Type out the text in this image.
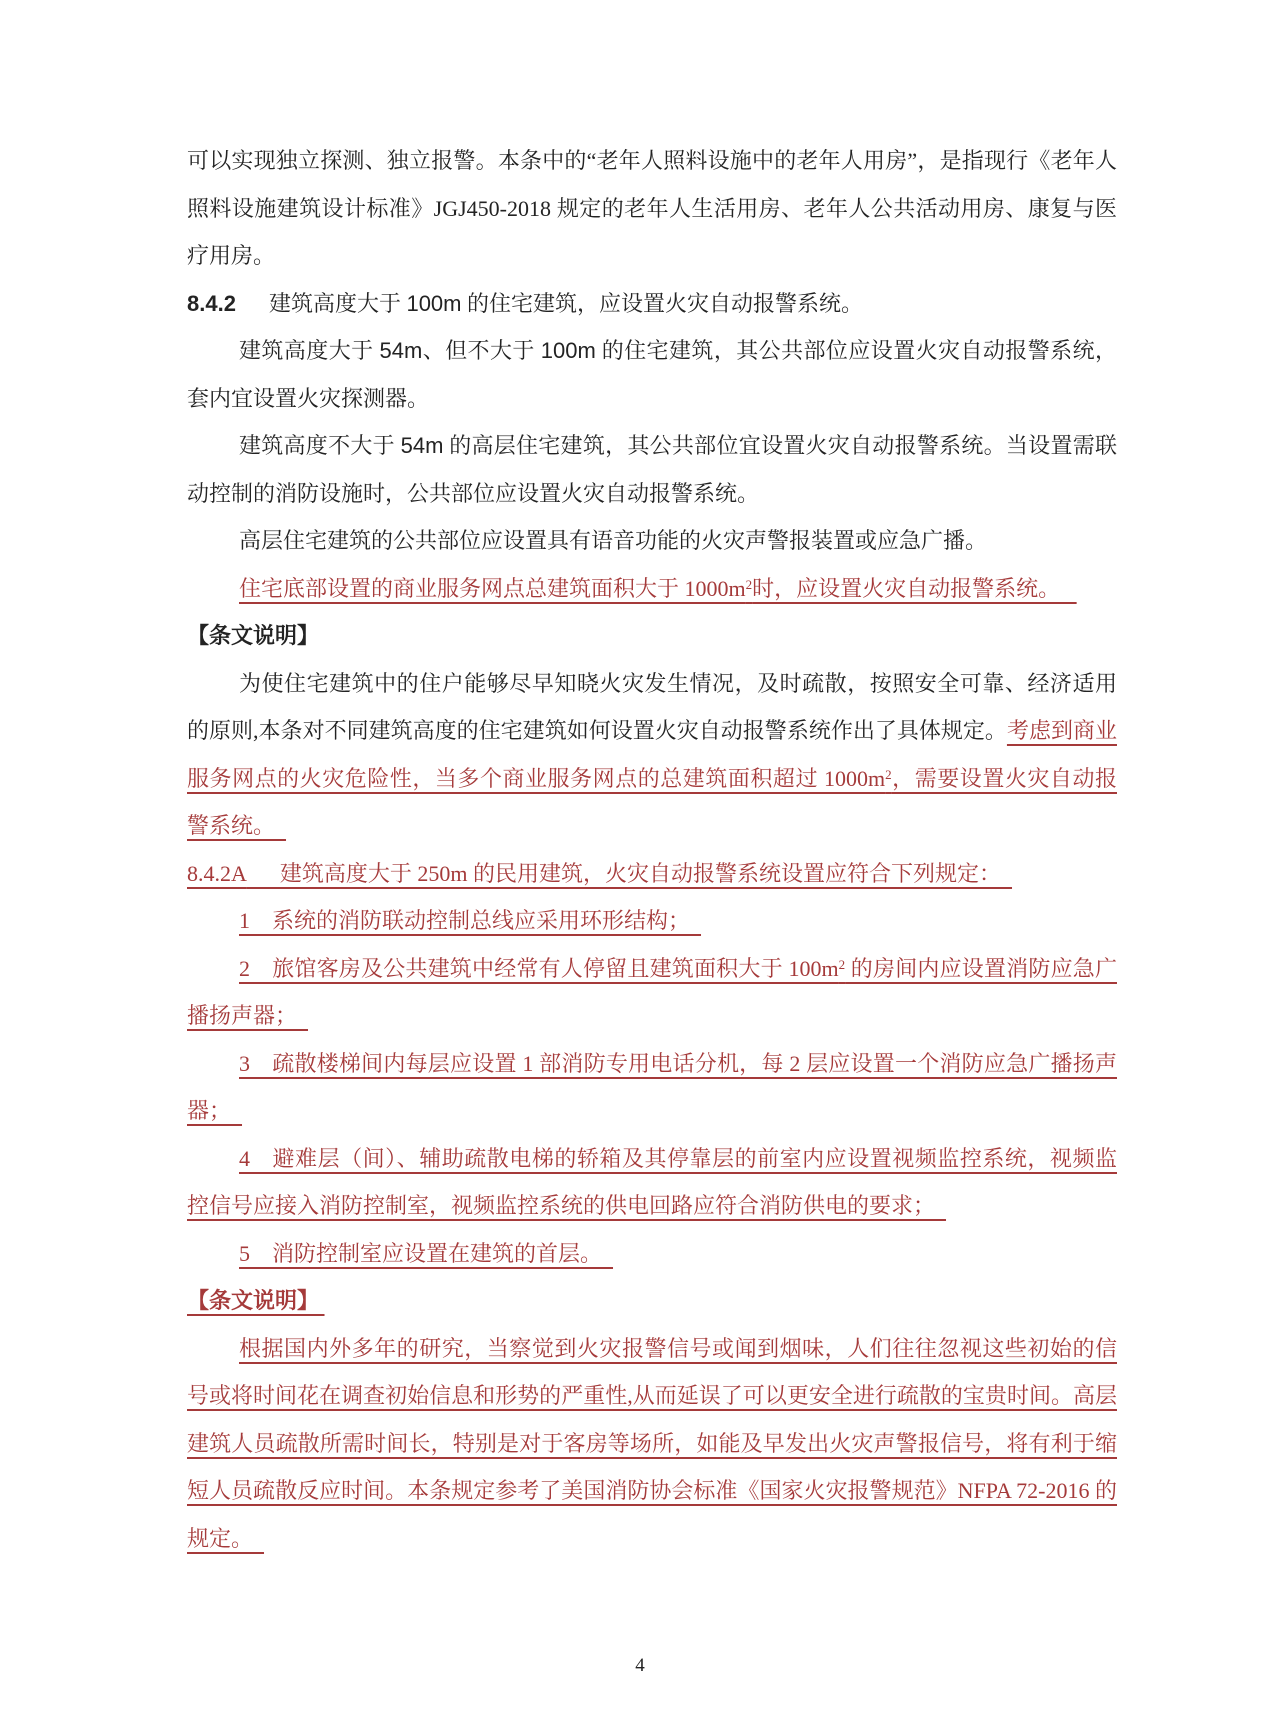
可以实现独立探测、独立报警。本条中的“老年人照料设施中的老年人用房”，是指现行《老年人照料设施建筑设计标准》JGJ450-2018 规定的老年人生活用房、老年人公共活动用房、康复与医疗用房。

8.4.2  建筑高度大于 100m 的住宅建筑，应设置火灾自动报警系统。

建筑高度大于 54m、但不大于 100m 的住宅建筑，其公共部位应设置火灾自动报警系统，套内宜设置火灾探测器。

建筑高度不大于 54m 的高层住宅建筑，其公共部位宜设置火灾自动报警系统。当设置需联动控制的消防设施时，公共部位应设置火灾自动报警系统。

高层住宅建筑的公共部位应设置具有语音功能的火灾声警报装置或应急广播。

住宅底部设置的商业服务网点总建筑面积大于 $1000m^2$时，应设置火灾自动报警系统。

【条文说明】

为使住宅建筑中的住户能够尽早知晓火灾发生情况，及时疏散，按照安全可靠、经济适用的原则,本条对不同建筑高度的住宅建筑如何设置火灾自动报警系统作出了具体规定。考虑到商业服务网点的火灾危险性，当多个商业服务网点的总建筑面积超过 $1000m^2$，需要设置火灾自动报警系统。

8.4.2A  建筑高度大于 250m 的民用建筑，火灾自动报警系统设置应符合下列规定：

1 系统的消防联动控制总线应采用环形结构；

2 旅馆客房及公共建筑中经常有人停留且建筑面积大于 $100m^2$ 的房间内应设置消防应急广播扬声器；

3 疏散楼梯间内每层应设置 1 部消防专用电话分机，每 2 层应设置一个消防应急广播扬声器；

4 避难层（间）、辅助疏散电梯的轿箱及其停靠层的前室内应设置视频监控系统，视频监控信号应接入消防控制室，视频监控系统的供电回路应符合消防供电的要求；

5 消防控制室应设置在建筑的首层。

【条文说明】

根据国内外多年的研究，当察觉到火灾报警信号或闻到烟味，人们往往忽视这些初始的信号或将时间花在调查初始信息和形势的严重性,从而延误了可以更安全进行疏散的宝贵时间。高层建筑人员疏散所需时间长，特别是对于客房等场所，如能及早发出火灾声警报信号，将有利于缩短人员疏散反应时间。本条规定参考了美国消防协会标准《国家火灾报警规范》NFPA 72-2016 的规定。

4
